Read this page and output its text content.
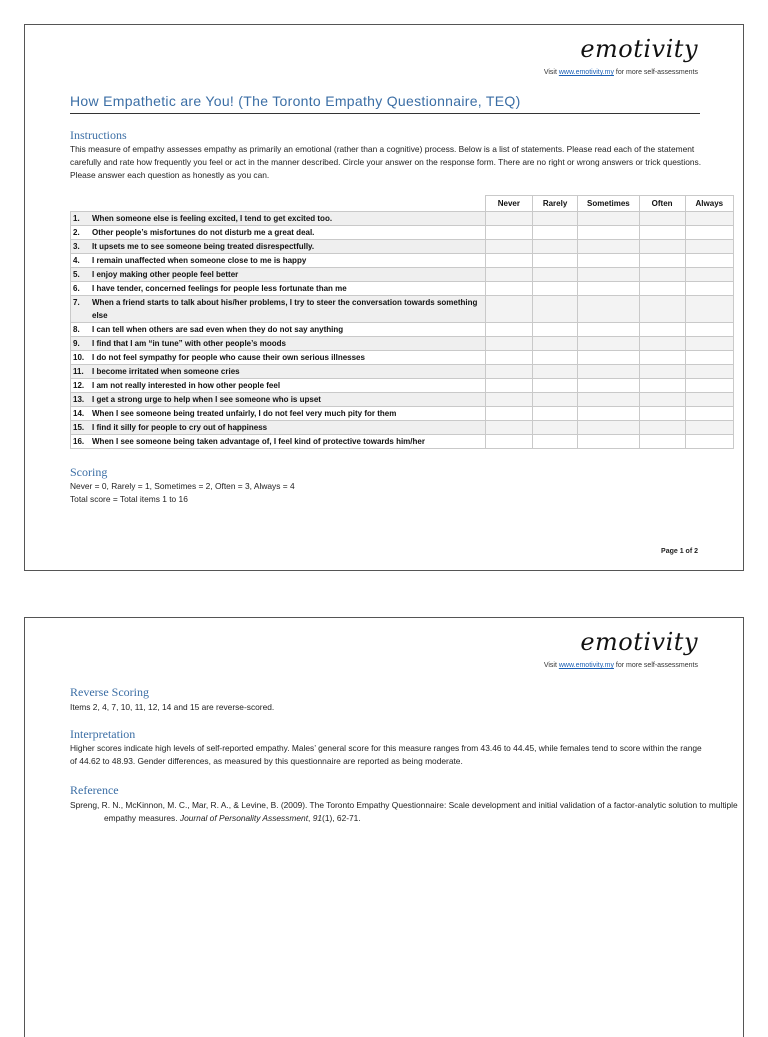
emotivity
Visit www.emotivity.my for more self-assessments
How Empathetic are You! (The Toronto Empathy Questionnaire, TEQ)
Instructions
This measure of empathy assesses empathy as primarily an emotional (rather than a cognitive) process. Below is a list of statements. Please read each of the statement carefully and rate how frequently you feel or act in the manner described. Circle your answer on the response form. There are no right or wrong answers or trick questions. Please answer each question as honestly as you can.
	Never	Rarely	Sometimes	Often	Always
1. When someone else is feeling excited, I tend to get excited too.					
2. Other people’s misfortunes do not disturb me a great deal.					
3. It upsets me to see someone being treated disrespectfully.					
4. I remain unaffected when someone close to me is happy					
5. I enjoy making other people feel better					
6. I have tender, concerned feelings for people less fortunate than me					
7. When a friend starts to talk about his/her problems, I try to steer the conversation towards something else					
8. I can tell when others are sad even when they do not say anything					
9. I find that I am “in tune” with other people’s moods					
10. I do not feel sympathy for people who cause their own serious illnesses					
11. I become irritated when someone cries					
12. I am not really interested in how other people feel					
13. I get a strong urge to help when I see someone who is upset					
14. When I see someone being treated unfairly, I do not feel very much pity for them					
15. I find it silly for people to cry out of happiness					
16. When I see someone being taken advantage of, I feel kind of protective towards him/her					
Scoring
Never = 0, Rarely = 1, Sometimes = 2, Often = 3, Always = 4
Total score = Total items 1 to 16
Page 1 of 2
emotivity
Visit www.emotivity.my for more self-assessments
Reverse Scoring
Items 2, 4, 7, 10, 11, 12, 14 and 15 are reverse-scored.
Interpretation
Higher scores indicate high levels of self-reported empathy. Males’ general score for this measure ranges from 43.46 to 44.45, while females tend to score within the range of 44.62 to 48.93. Gender differences, as measured by this questionnaire are reported as being moderate.
Reference
Spreng, R. N., McKinnon, M. C., Mar, R. A., & Levine, B. (2009). The Toronto Empathy Questionnaire: Scale development and initial validation of a factor-analytic solution to multiple empathy measures. Journal of Personality Assessment, 91(1), 62-71.
